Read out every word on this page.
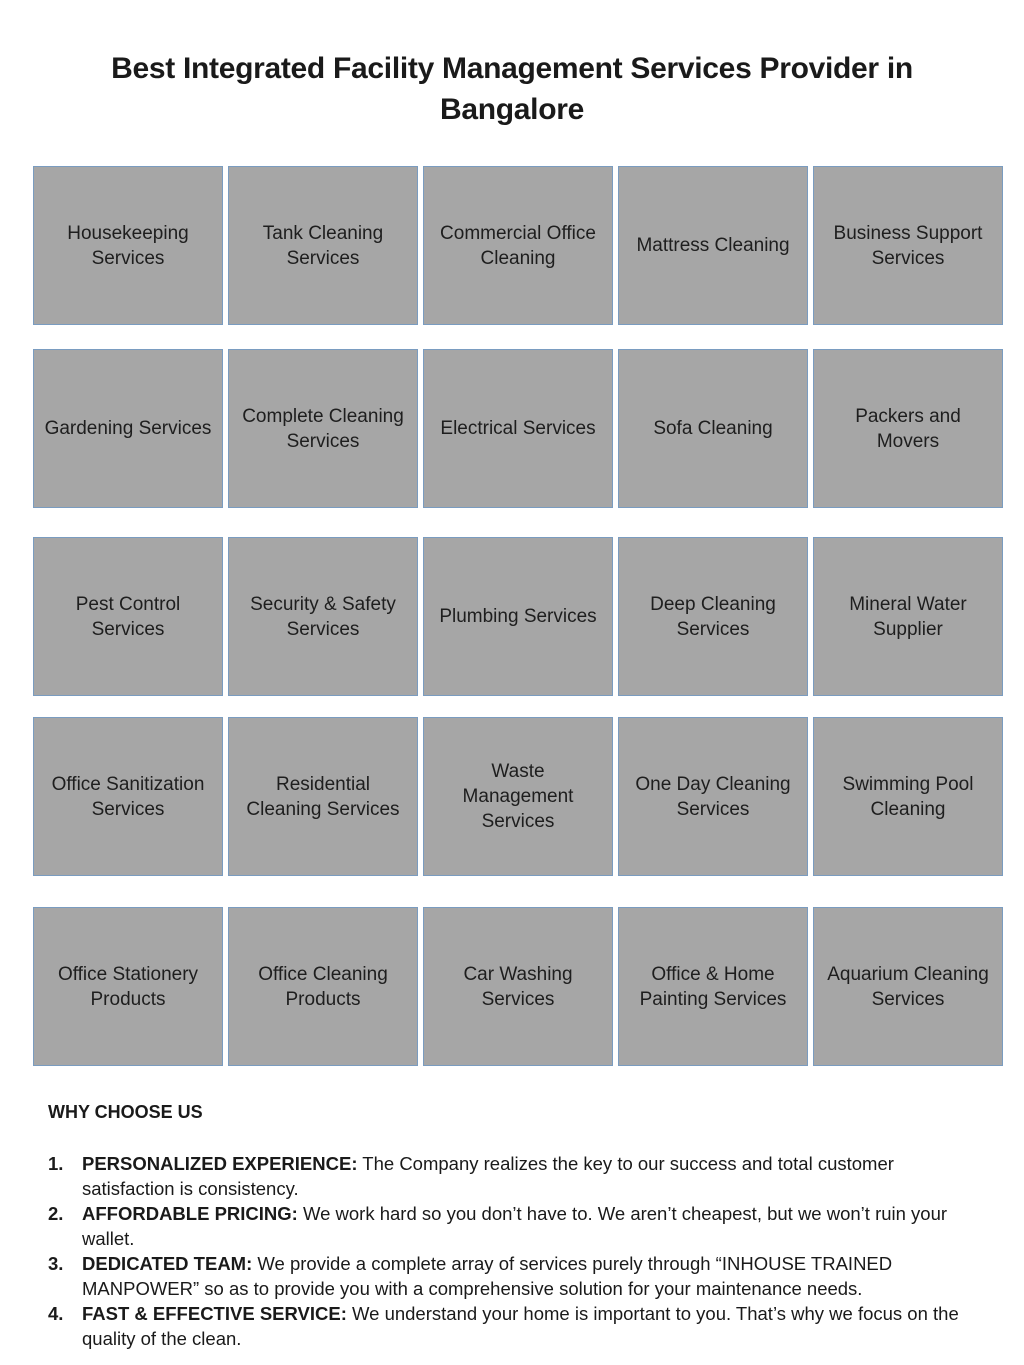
Best Integrated Facility Management Services Provider in
Bangalore
Housekeeping Services
Tank Cleaning Services
Commercial Office Cleaning
Mattress Cleaning
Business Support Services
Gardening Services
Complete Cleaning Services
Electrical Services	Sofa Cleaning
Packers and Movers
Pest Control Services
Security & Safety Services
Plumbing Services
Deep Cleaning Services
Mineral Water Supplier
Office Sanitization Services
Residential Cleaning Services
Waste Management Services
One Day Cleaning Services
Swimming Pool Cleaning
Office Stationery Products
Office Cleaning Products
Car Washing Services
Office & Home Painting Services
Aquarium Cleaning Services
WHY CHOOSE US
1.	PERSONALIZED EXPERIENCE: The Company realizes the key to our success and total customer satisfaction is consistency.
2.	AFFORDABLE PRICING: We work hard so you don’t have to. We aren’t cheapest, but we won’t ruin your wallet.
3.	DEDICATED TEAM: We provide a complete array of services purely through “INHOUSE TRAINED MANPOWER” so as to provide you with a comprehensive solution for your maintenance needs.
4.	FAST & EFFECTIVE SERVICE: We understand your home is important to you. That’s why we focus on the quality of the clean.
